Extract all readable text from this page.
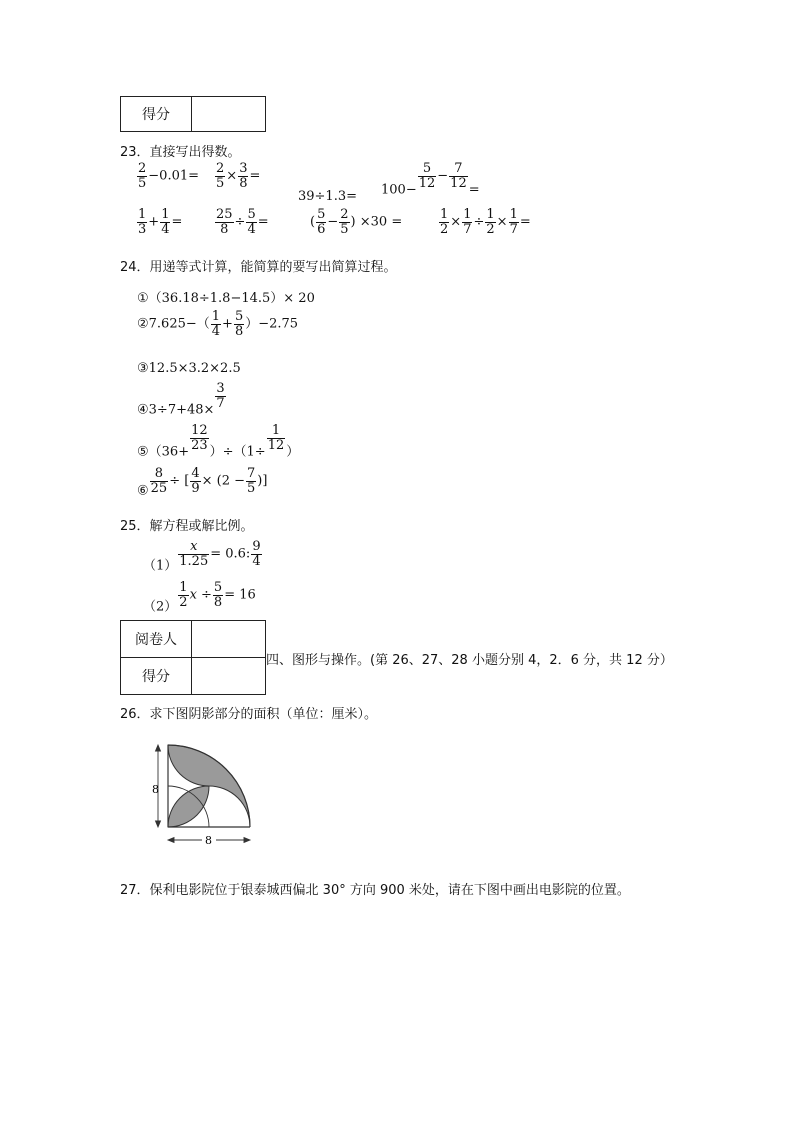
得分	
23．直接写出得数。
$\frac{2}{5} -0.01= \frac{2}{5} \times \frac{3}{8}$ =
$39\div 1.3= 100- \frac{5}{12} - \frac{7}{12}$ =
$\frac{1}{3} + \frac{1}{4}$ =	$\frac{25}{8} \div \frac{5}{4}$ =	( $\frac{5}{6} - \frac{2}{5}$ ) ×30 =	$\frac{1}{2} \times \frac{1}{7} \div \frac{1}{2} \times \frac{1}{7}$ =
24．用递等式计算，能简算的要写出简算过程。
①（36.18÷1.8−14.5）× 20
②7.625−（ $\frac{1}{4} + \frac{5}{8} )-2.75$
③12.5×3.2×2.5
④3÷7+48× $\frac{3}{7}$
⑤（36+ $\frac{12}{23} )\div(1\div \frac{1}{12}$ ）
⑥ $\frac{8}{25}$ ÷ [ $\frac{4}{9} \times (2 - \frac{7}{5}$ )]
25．解方程或解比例。
$(1) \frac{x}{1.25} = 0.6$: $\frac{9}{4}$
$(2) \frac{1}{2}$ $x \div \frac{5}{8} = 16$
阅卷人	
得分	
四、图形与操作。(第 26、27、28 小题分别 4，2．6 分，共 12 分）
26．求下图阴影部分的面积（单位：厘米）。
8
8
27．保利电影院位于银泰城西偏北 30° 方向 900 米处，请在下图中画出电影院的位置。
